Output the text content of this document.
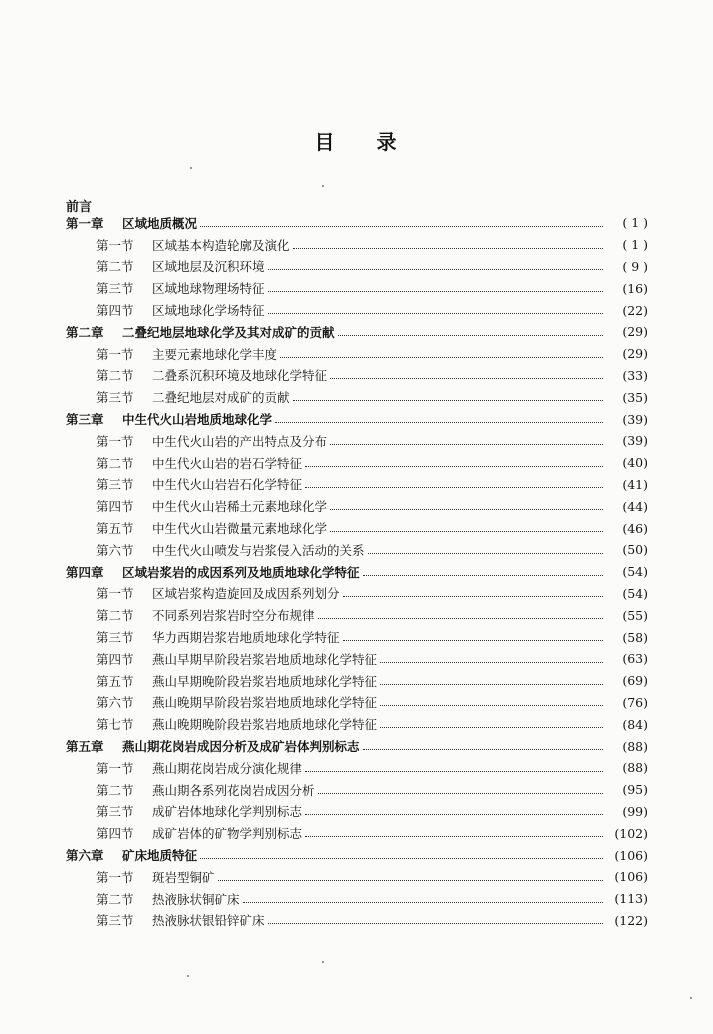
目 录
前言
第一章	区域地质概况	( 1 )
第一节	区域基本构造轮廓及演化	( 1 )
第二节	区域地层及沉积环境	( 9 )
第三节	区域地球物理场特征	(16)
第四节	区域地球化学场特征	(22)
第二章	二叠纪地层地球化学及其对成矿的贡献	(29)
第一节	主要元素地球化学丰度	(29)
第二节	二叠系沉积环境及地球化学特征	(33)
第三节	二叠纪地层对成矿的贡献	(35)
第三章	中生代火山岩地质地球化学	(39)
第一节	中生代火山岩的产出特点及分布	(39)
第二节	中生代火山岩的岩石学特征	(40)
第三节	中生代火山岩岩石化学特征	(41)
第四节	中生代火山岩稀土元素地球化学	(44)
第五节	中生代火山岩微量元素地球化学	(46)
第六节	中生代火山喷发与岩浆侵入活动的关系	(50)
第四章	区域岩浆岩的成因系列及地质地球化学特征	(54)
第一节	区域岩浆构造旋回及成因系列划分	(54)
第二节	不同系列岩浆岩时空分布规律	(55)
第三节	华力西期岩浆岩地质地球化学特征	(58)
第四节	燕山早期早阶段岩浆岩地质地球化学特征	(63)
第五节	燕山早期晚阶段岩浆岩地质地球化学特征	(69)
第六节	燕山晚期早阶段岩浆岩地质地球化学特征	(76)
第七节	燕山晚期晚阶段岩浆岩地质地球化学特征	(84)
第五章	燕山期花岗岩成因分析及成矿岩体判别标志	(88)
第一节	燕山期花岗岩成分演化规律	(88)
第二节	燕山期各系列花岗岩成因分析	(95)
第三节	成矿岩体地球化学判别标志	(99)
第四节	成矿岩体的矿物学判别标志	(102)
第六章	矿床地质特征	(106)
第一节	斑岩型铜矿	(106)
第二节	热液脉状铜矿床	(113)
第三节	热液脉状银铅锌矿床	(122)
